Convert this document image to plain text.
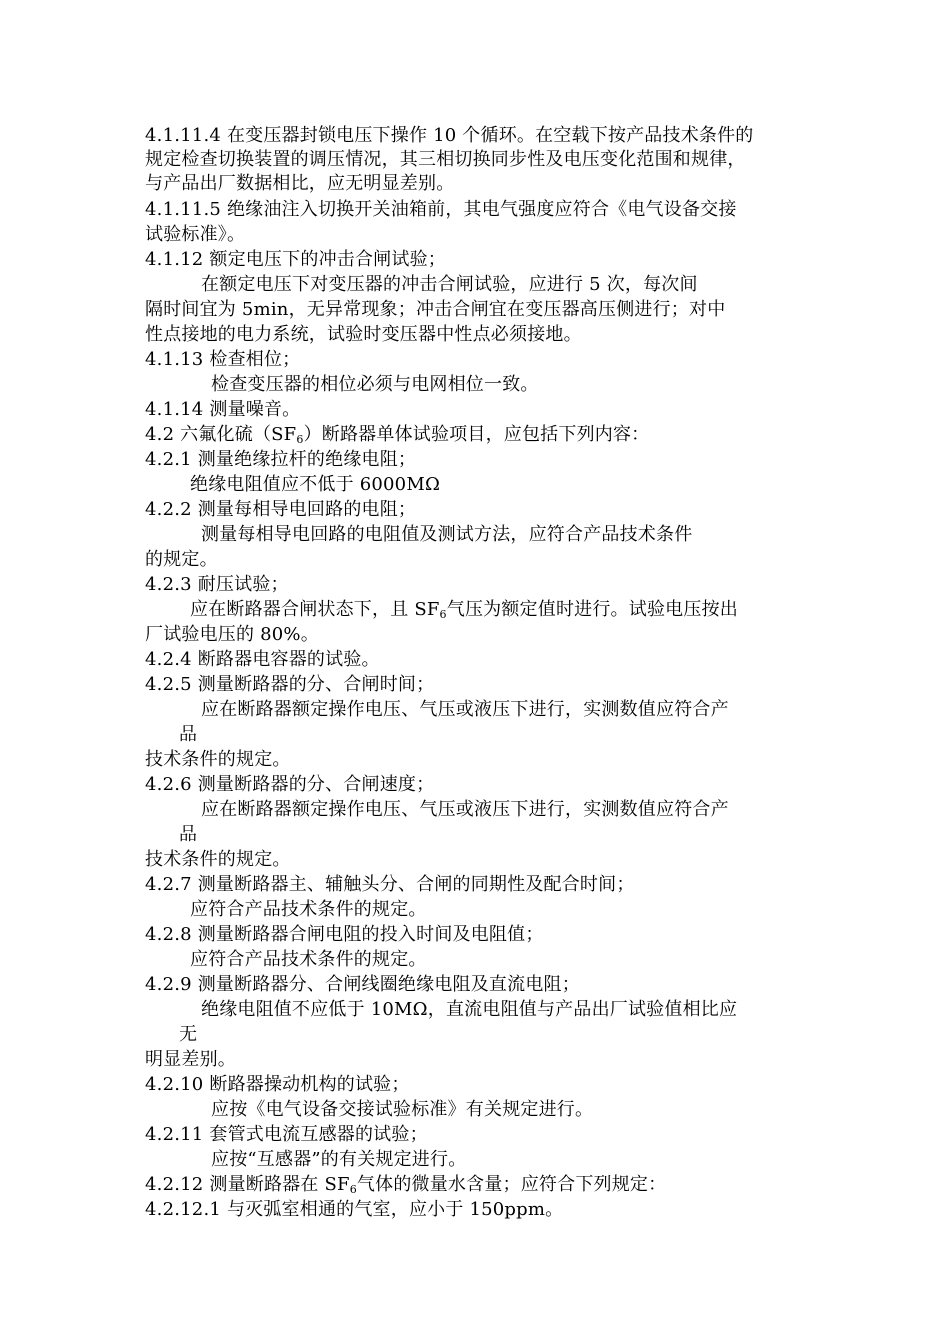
4.1.11.4 在变压器封锁电压下操作 10 个循环。在空载下按产品技术条件的
规定检查切换装置的调压情况，其三相切换同步性及电压变化范围和规律，
与产品出厂数据相比，应无明显差别。
4.1.11.5 绝缘油注入切换开关油箱前，其电气强度应符合《电气设备交接
试验标准》。
4.1.12 额定电压下的冲击合闸试验；
在额定电压下对变压器的冲击合闸试验，应进行 5 次，每次间
隔时间宜为 5min，无异常现象；冲击合闸宜在变压器高压侧进行；对中
性点接地的电力系统，试验时变压器中性点必须接地。
4.1.13 检查相位；
检查变压器的相位必须与电网相位一致。
4.1.14 测量噪音。
4.2 六氟化硫$(SF_6)$断路器单体试验项目，应包括下列内容：
4.2.1 测量绝缘拉杆的绝缘电阻；
绝缘电阻值应不低于 6000MΩ
4.2.2 测量每相导电回路的电阻；
测量每相导电回路的电阻值及测试方法，应符合产品技术条件
的规定。
4.2.3 耐压试验；
应在断路器合闸状态下，且 $SF_6$气压为额定值时进行。试验电压按出
厂试验电压的 80%。
4.2.4 断路器电容器的试验。
4.2.5 测量断路器的分、合闸时间；
应在断路器额定操作电压、气压或液压下进行，实测数值应符合产
品
技术条件的规定。
4.2.6 测量断路器的分、合闸速度；
应在断路器额定操作电压、气压或液压下进行，实测数值应符合产
品
技术条件的规定。
4.2.7 测量断路器主、辅触头分、合闸的同期性及配合时间；
应符合产品技术条件的规定。
4.2.8 测量断路器合闸电阻的投入时间及电阻值；
应符合产品技术条件的规定。
4.2.9 测量断路器分、合闸线圈绝缘电阻及直流电阻；
绝缘电阻值不应低于 10MΩ，直流电阻值与产品出厂试验值相比应
无
明显差别。
4.2.10 断路器操动机构的试验；
应按《电气设备交接试验标准》有关规定进行。
4.2.11 套管式电流互感器的试验；
应按“互感器”的有关规定进行。
4.2.12 测量断路器在 $SF_6$气体的微量水含量；应符合下列规定：
4.2.12.1 与灭弧室相通的气室，应小于 150ppm。
